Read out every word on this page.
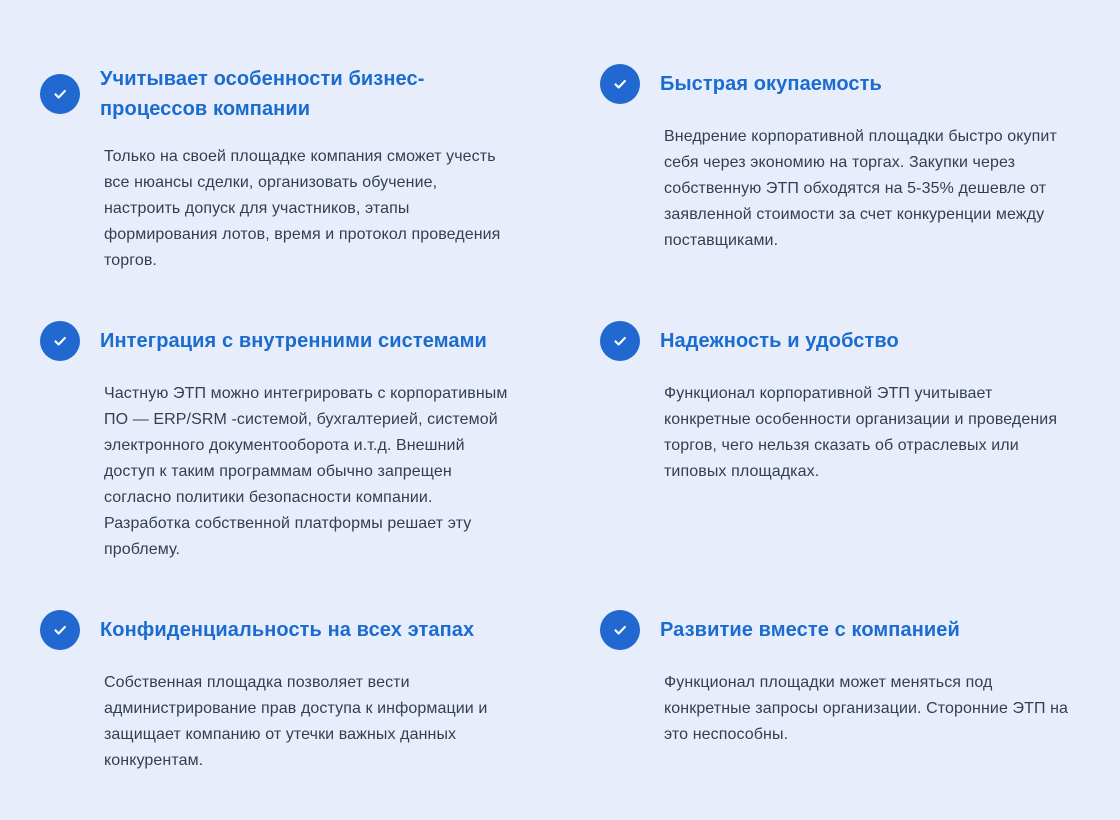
Учитывает особенности бизнес-процессов компании

Только на своей площадке компания сможет учесть все нюансы сделки, организовать обучение, настроить допуск для участников, этапы формирования лотов, время и протокол проведения торгов.

Быстрая окупаемость

Внедрение корпоративной площадки быстро окупит себя через экономию на торгах. Закупки через собственную ЭТП обходятся на 5-35% дешевле от заявленной стоимости за счет конкуренции между поставщиками.

Интеграция с внутренними системами

Частную ЭТП можно интегрировать с корпоративным ПО — ERP/SRM -системой, бухгалтерией, системой электронного документооборота и.т.д. Внешний доступ к таким программам обычно запрещен согласно политики безопасности компании. Разработка собственной платформы решает эту проблему.

Надежность и удобство

Функционал корпоративной ЭТП учитывает конкретные особенности организации и проведения торгов, чего нельзя сказать об отраслевых или типовых площадках.

Конфиденциальность на всех этапах

Собственная площадка позволяет вести администрирование прав доступа к информации и защищает компанию от утечки важных данных конкурентам.

Развитие вместе с компанией

Функционал площадки может меняться под конкретные запросы организации. Сторонние ЭТП на это неспособны.
